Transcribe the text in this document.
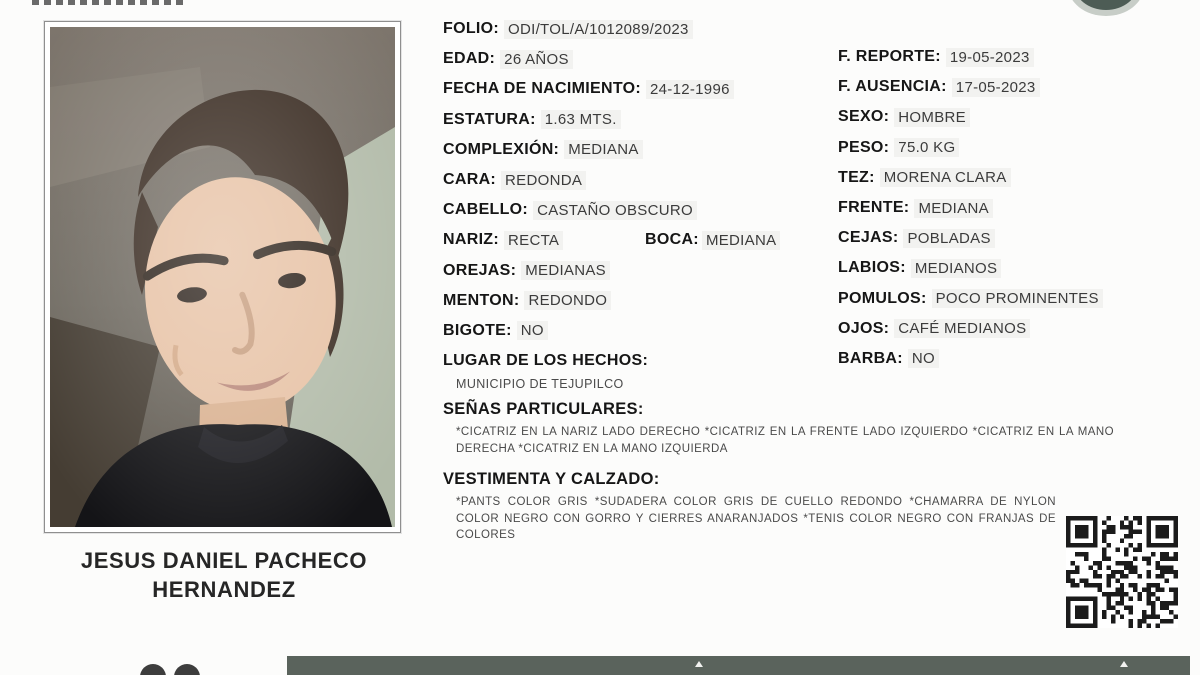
JESUS DANIEL PACHECO
HERNANDEZ
FOLIO: ODI/TOL/A/1012089/2023
EDAD: 26 AÑOS
FECHA DE NACIMIENTO: 24-12-1996
ESTATURA: 1.63 MTS.
COMPLEXIÓN: MEDIANA
CARA: REDONDA
CABELLO: CASTAÑO OBSCURO
NARIZ: RECTA	BOCA: MEDIANA
OREJAS: MEDIANAS
MENTON: REDONDO
BIGOTE: NO
LUGAR DE LOS HECHOS:
MUNICIPIO DE TEJUPILCO
SEÑAS PARTICULARES:
*CICATRIZ EN LA NARIZ LADO DERECHO *CICATRIZ EN LA FRENTE LADO IZQUIERDO *CICATRIZ EN LA MANO DERECHA *CICATRIZ EN LA MANO IZQUIERDA
VESTIMENTA Y CALZADO:
*PANTS COLOR GRIS *SUDADERA COLOR GRIS DE CUELLO REDONDO *CHAMARRA DE NYLON COLOR NEGRO CON GORRO Y CIERRES ANARANJADOS *TENIS COLOR NEGRO CON FRANJAS DE COLORES
F. REPORTE: 19-05-2023
F. AUSENCIA: 17-05-2023
SEXO: HOMBRE
PESO: 75.0 KG
TEZ: MORENA CLARA
FRENTE: MEDIANA
CEJAS: POBLADAS
LABIOS: MEDIANOS
POMULOS: POCO PROMINENTES
OJOS: CAFÉ MEDIANOS
BARBA: NO
